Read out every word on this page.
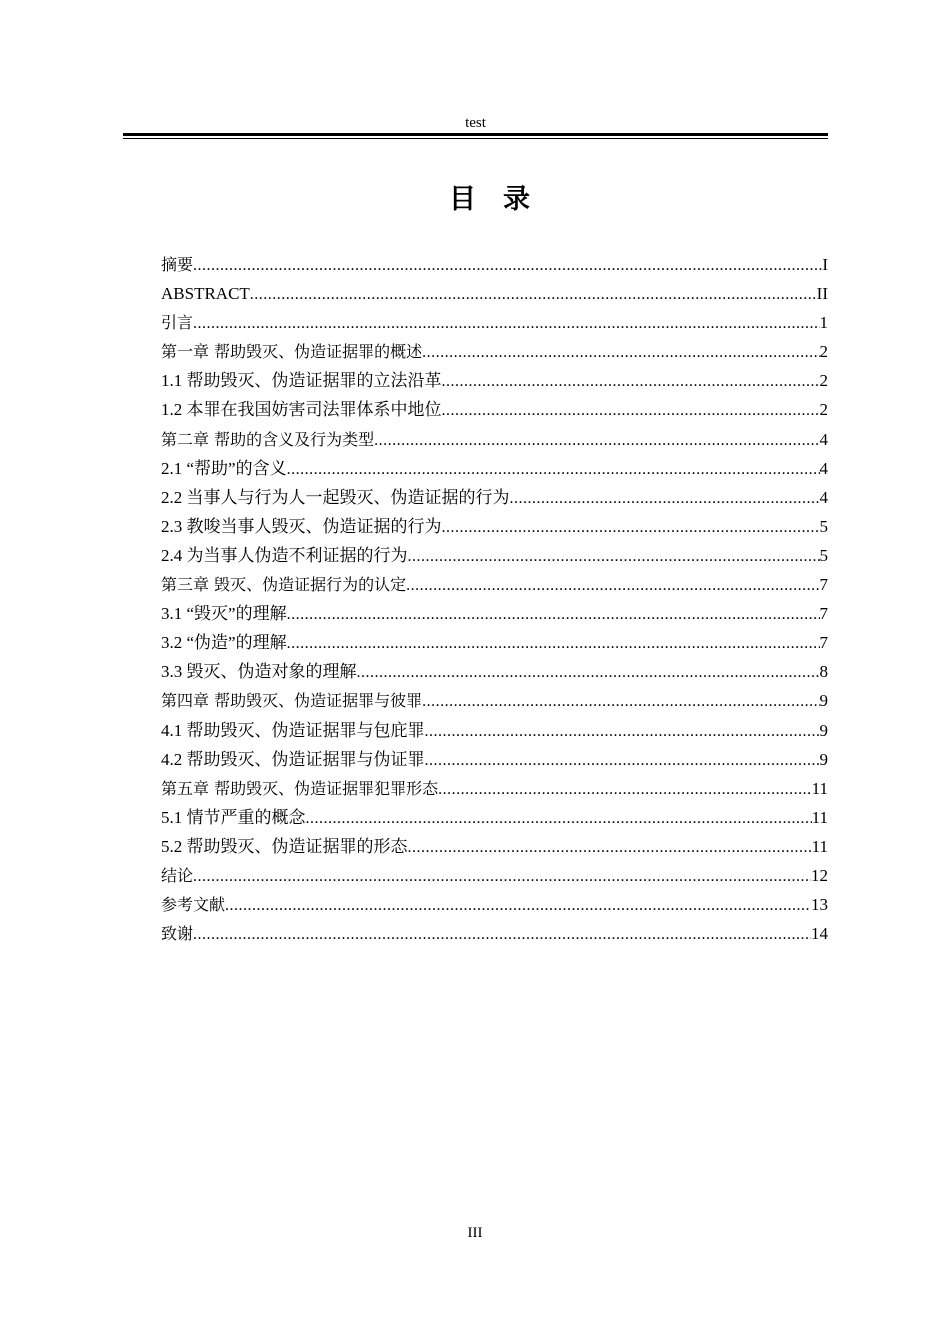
test
目　录
摘要 .....	I
ABSTRACT .....	II
引言 .....	1
第一章 帮助毁灭、伪造证据罪的概述 .....	2
1.1 帮助毁灭、伪造证据罪的立法沿革 .....	2
1.2 本罪在我国妨害司法罪体系中地位 .....	2
第二章 帮助的含义及行为类型 .....	4
2.1 “帮助”的含义 .....	4
2.2 当事人与行为人一起毁灭、伪造证据的行为 .....	4
2.3 教唆当事人毁灭、伪造证据的行为 .....	5
2.4 为当事人伪造不利证据的行为 .....	5
第三章 毁灭、伪造证据行为的认定 .....	7
3.1 “毁灭”的理解 .....	7
3.2 “伪造”的理解 .....	7
3.3 毁灭、伪造对象的理解 .....	8
第四章 帮助毁灭、伪造证据罪与彼罪 .....	9
4.1 帮助毁灭、伪造证据罪与包庇罪 .....	9
4.2 帮助毁灭、伪造证据罪与伪证罪 .....	9
第五章 帮助毁灭、伪造证据罪犯罪形态 .....	11
5.1 情节严重的概念 .....	11
5.2 帮助毁灭、伪造证据罪的形态 .....	11
结论 .....	12
参考文献 .....	13
致谢 .....	14
III
